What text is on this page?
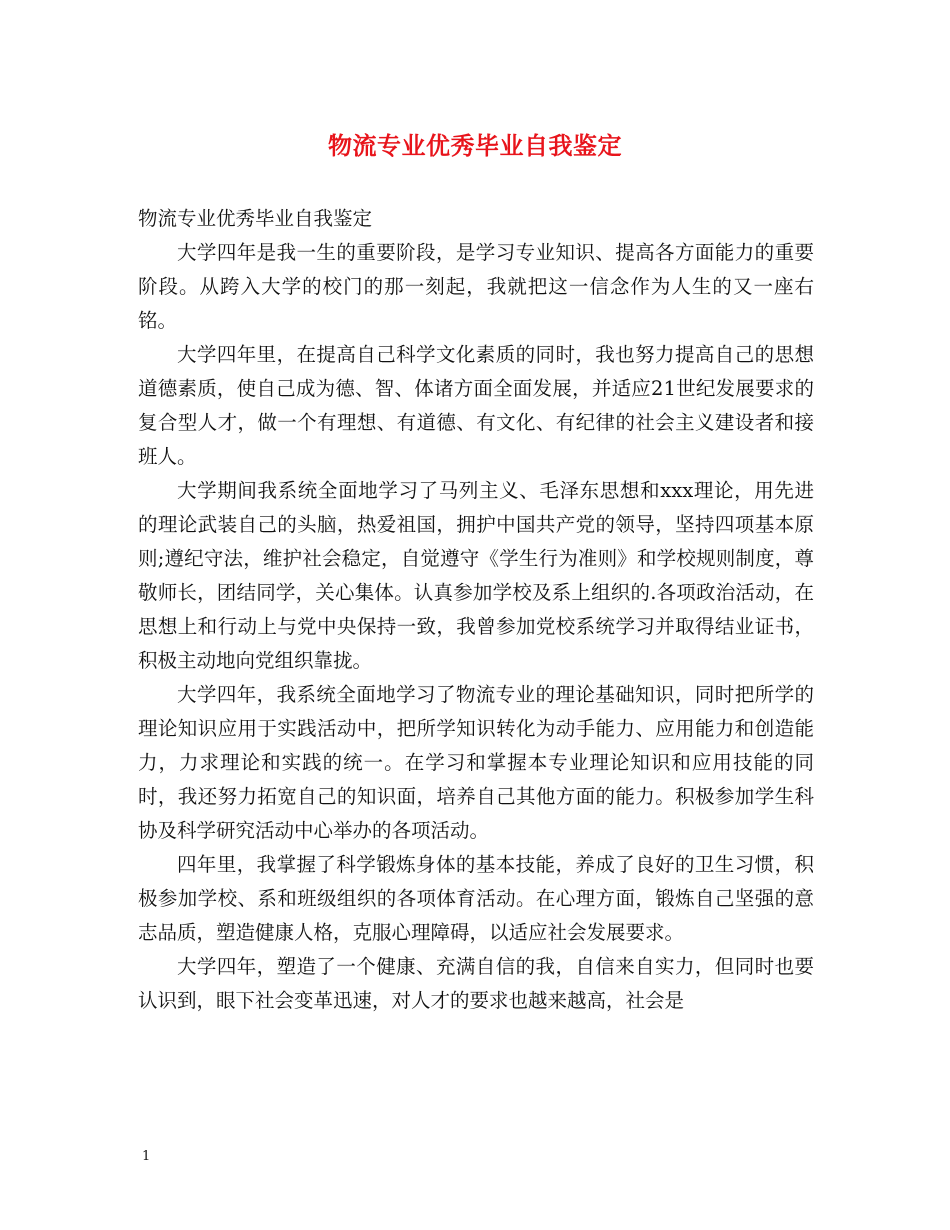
物流专业优秀毕业自我鉴定

物流专业优秀毕业自我鉴定

大学四年是我一生的重要阶段，是学习专业知识、提高各方面能力的重要阶段。从跨入大学的校门的那一刻起，我就把这一信念作为人生的又一座右铭。

大学四年里，在提高自己科学文化素质的同时，我也努力提高自己的思想道德素质，使自己成为德、智、体诸方面全面发展，并适应21世纪发展要求的复合型人才，做一个有理想、有道德、有文化、有纪律的社会主义建设者和接班人。

大学期间我系统全面地学习了马列主义、毛泽东思想和xxx理论，用先进的理论武装自己的头脑，热爱祖国，拥护中国共产党的领导，坚持四项基本原则;遵纪守法，维护社会稳定，自觉遵守《学生行为准则》和学校规则制度，尊敬师长，团结同学，关心集体。认真参加学校及系上组织的.各项政治活动，在思想上和行动上与党中央保持一致，我曾参加党校系统学习并取得结业证书，积极主动地向党组织靠拢。

大学四年，我系统全面地学习了物流专业的理论基础知识，同时把所学的理论知识应用于实践活动中，把所学知识转化为动手能力、应用能力和创造能力，力求理论和实践的统一。在学习和掌握本专业理论知识和应用技能的同时，我还努力拓宽自己的知识面，培养自己其他方面的能力。积极参加学生科协及科学研究活动中心举办的各项活动。

四年里，我掌握了科学锻炼身体的基本技能，养成了良好的卫生习惯，积极参加学校、系和班级组织的各项体育活动。在心理方面，锻炼自己坚强的意志品质，塑造健康人格，克服心理障碍，以适应社会发展要求。

大学四年，塑造了一个健康、充满自信的我，自信来自实力，但同时也要认识到，眼下社会变革迅速，对人才的要求也越来越高，社会是

1
